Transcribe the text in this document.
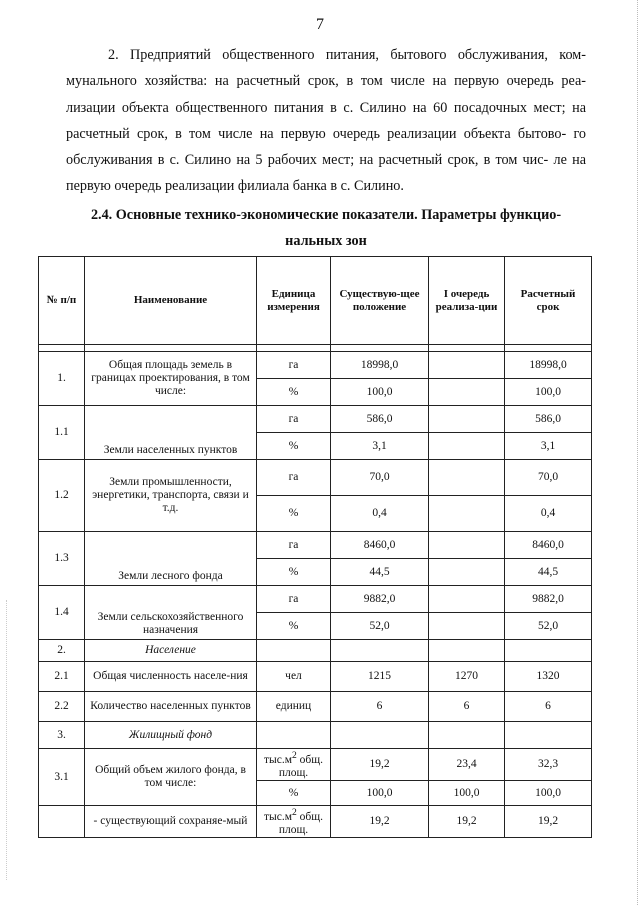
7

2. Предприятий общественного питания, бытового обслуживания, ком- мунального хозяйства: на расчетный срок, в том числе на первую очередь реа- лизации объекта общественного питания в с. Силино на 60 посадочных мест; на расчетный срок, в том числе на первую очередь реализации объекта бытово- го обслуживания в с. Силино на 5 рабочих мест; на расчетный срок, в том чис- ле на первую очередь реализации филиала банка в с. Силино.

2.4. Основные технико-экономические показатели. Параметры функцио-
нальных зон
№ п/п	Наименование	Единица измерения	Существую-щее положение	I очередь реализа-ции	Расчетный срок

1.	Общая площадь земель в границах проектирования, в том числе:	га	18998,0		18998,0
		%	100,0		100,0
1.1	Земли населенных пунктов	га	586,0		586,0
		%	3,1		3,1
1.2	Земли промышленности, энергетики, транспорта, связи и т.д.	га	70,0		70,0
		%	0,4		0,4
1.3	Земли лесного фонда	га	8460,0		8460,0
		%	44,5		44,5
1.4	Земли сельскохозяйственного назначения	га	9882,0		9882,0
		%	52,0		52,0
2.	Население				
2.1	Общая численность населе-ния	чел	1215	1270	1320
2.2	Количество населенных пунктов	единиц	6	6	6
3.	Жилищный фонд				
3.1	Общий объем жилого фонда, в том числе:	$тыс.м^2$ общ. площ.	19,2	23,4	32,3
		%	100,0	100,0	100,0
	- существующий сохраняе-мый	$тыс.м^2$ общ. площ.	19,2	19,2	19,2
